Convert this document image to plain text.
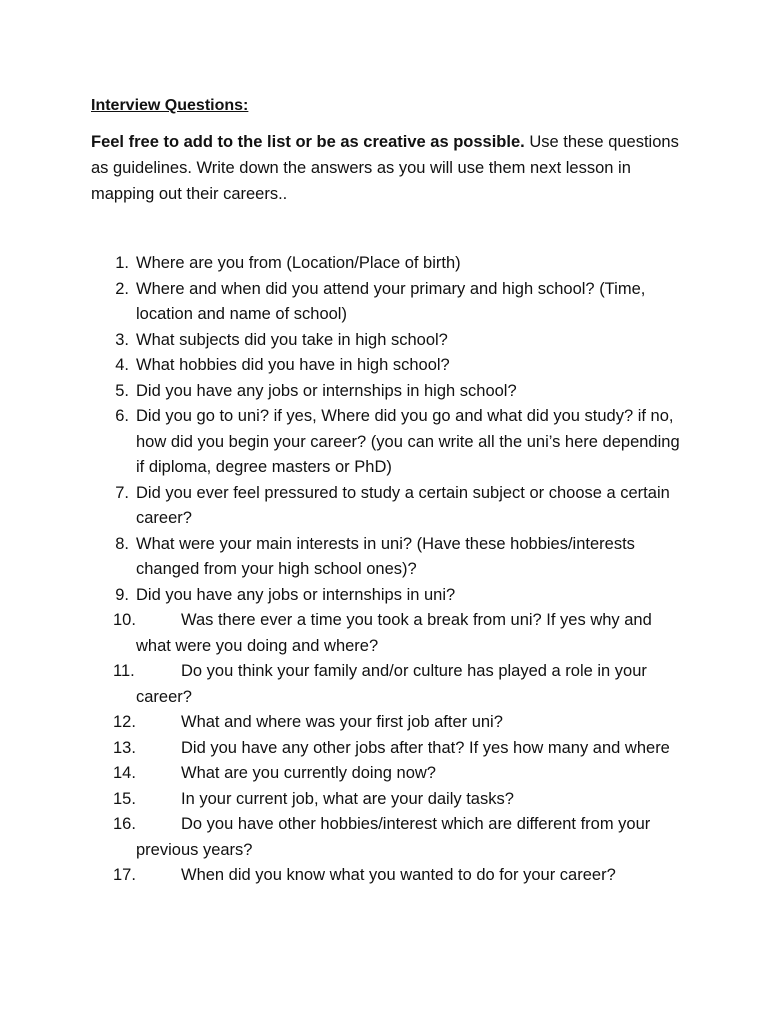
Interview Questions:

Feel free to add to the list or be as creative as possible. Use these questions as guidelines. Write down the answers as you will use them next lesson in mapping out their careers..

1. Where are you from (Location/Place of birth)
2. Where and when did you attend your primary and high school? (Time, location and name of school)
3. What subjects did you take in high school?
4. What hobbies did you have in high school?
5. Did you have any jobs or internships in high school?
6. Did you go to uni? if yes, Where did you go and what did you study? if no, how did you begin your career? (you can write all the uni’s here depending if diploma, degree masters or PhD)
7. Did you ever feel pressured to study a certain subject or choose a certain career?
8. What were your main interests in uni? (Have these hobbies/interests changed from your high school ones)?
9. Did you have any jobs or internships in uni?
10.	Was there ever a time you took a break from uni? If yes why and what were you doing and where?
11.	Do you think your family and/or culture has played a role in your career?
12.	What and where was your first job after uni?
13.	Did you have any other jobs after that? If yes how many and where
14.	What are you currently doing now?
15.	In your current job, what are your daily tasks?
16.	Do you have other hobbies/interest which are different from your previous years?
17.	When did you know what you wanted to do for your career?
